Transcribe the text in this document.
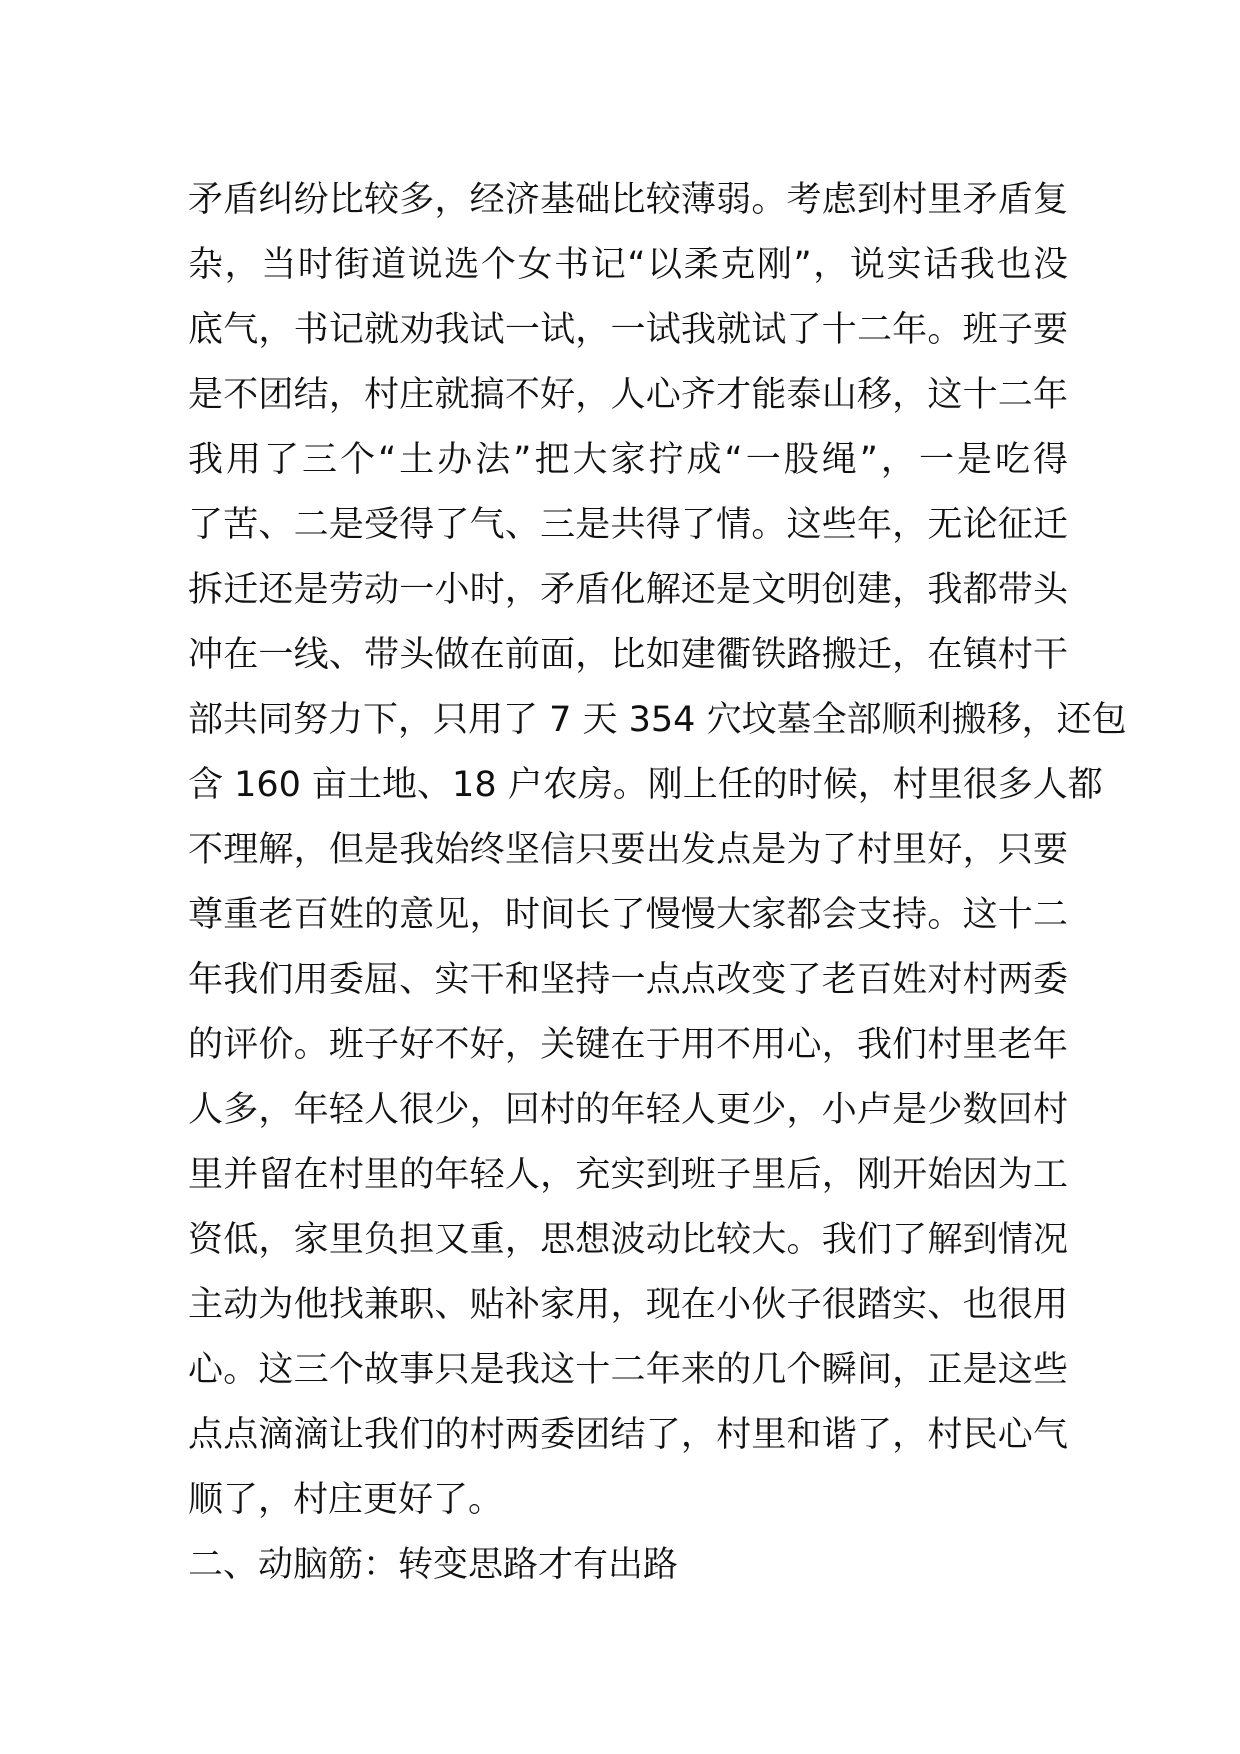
矛盾纠纷比较多，经济基础比较薄弱。考虑到村里矛盾复
杂，当时街道说选个女书记“以柔克刚”，说实话我也没
底气，书记就劝我试一试，一试我就试了十二年。班子要
是不团结，村庄就搞不好，人心齐才能泰山移，这十二年
我用了三个“土办法”把大家拧成“一股绳”，一是吃得
了苦、二是受得了气、三是共得了情。这些年，无论征迁
拆迁还是劳动一小时，矛盾化解还是文明创建，我都带头
冲在一线、带头做在前面，比如建衢铁路搬迁，在镇村干
部共同努力下，只用了 7 天 354 穴坟墓全部顺利搬移，还包
含 160 亩土地、18 户农房。刚上任的时候，村里很多人都
不理解，但是我始终坚信只要出发点是为了村里好，只要
尊重老百姓的意见，时间长了慢慢大家都会支持。这十二
年我们用委屈、实干和坚持一点点改变了老百姓对村两委
的评价。班子好不好，关键在于用不用心，我们村里老年
人多，年轻人很少，回村的年轻人更少，小卢是少数回村
里并留在村里的年轻人，充实到班子里后，刚开始因为工
资低，家里负担又重，思想波动比较大。我们了解到情况
主动为他找兼职、贴补家用，现在小伙子很踏实、也很用
心。这三个故事只是我这十二年来的几个瞬间，正是这些
点点滴滴让我们的村两委团结了，村里和谐了，村民心气
顺了，村庄更好了。
二、动脑筋：转变思路才有出路
